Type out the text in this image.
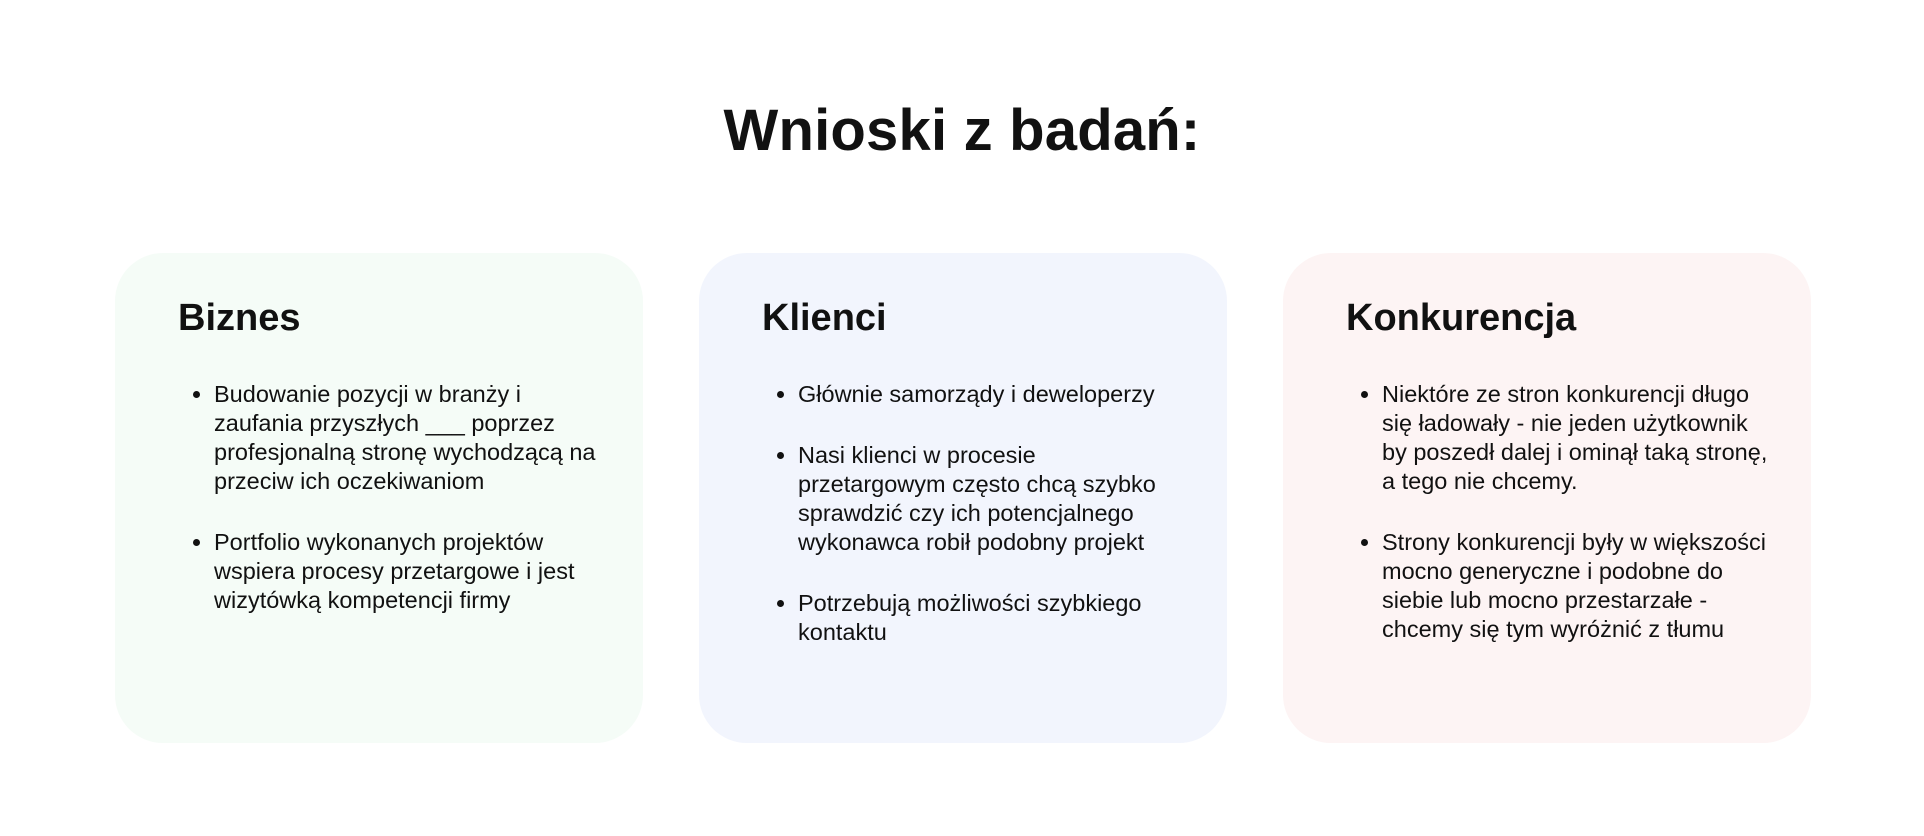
Wnioski z badań:
Biznes
• Budowanie pozycji w branży i zaufania przyszłych ___ poprzez profesjonalną stronę wychodzącą na przeciw ich oczekiwaniom
• Portfolio wykonanych projektów wspiera procesy przetargowe i jest wizytówką kompetencji firmy
Klienci
• Głównie samorządy i deweloperzy
• Nasi klienci w procesie przetargowym często chcą szybko sprawdzić czy ich potencjalnego wykonawca robił podobny projekt
• Potrzebują możliwości szybkiego kontaktu
Konkurencja
• Niektóre ze stron konkurencji długo się ładowały - nie jeden użytkownik by poszedł dalej i ominął taką stronę, a tego nie chcemy.
• Strony konkurencji były w większości mocno generyczne i podobne do siebie lub mocno przestarzałe - chcemy się tym wyróżnić z tłumu
